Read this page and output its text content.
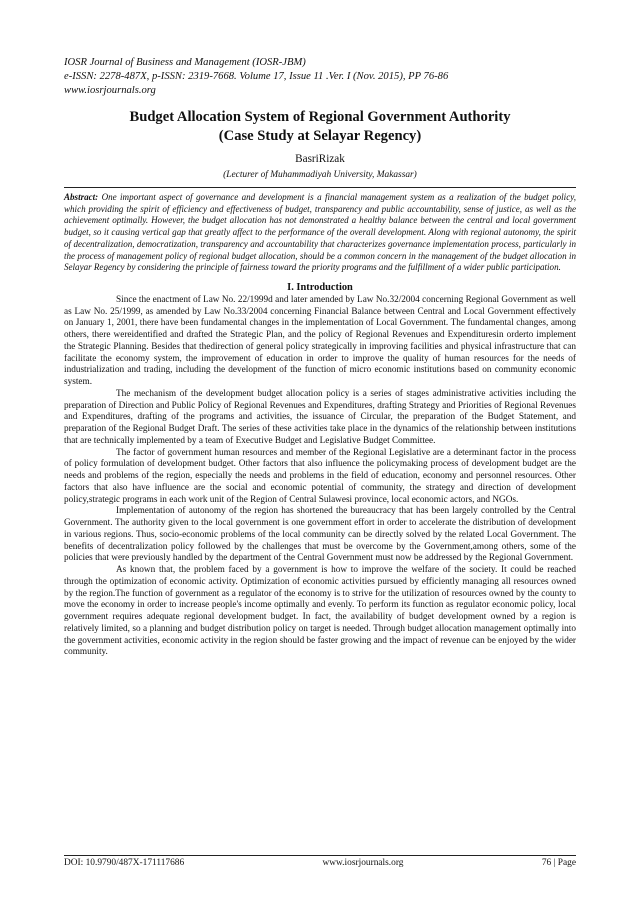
IOSR Journal of Business and Management (IOSR-JBM)
e-ISSN: 2278-487X, p-ISSN: 2319-7668. Volume 17, Issue 11 .Ver. I (Nov. 2015), PP 76-86
www.iosrjournals.org
Budget Allocation System of Regional Government Authority
(Case Study at Selayar Regency)
BasriRizak
(Lecturer of Muhammadiyah University, Makassar)
Abstract: One important aspect of governance and development is a financial management system as a realization of the budget policy, which providing the spirit of efficiency and effectiveness of budget, transparency and public accountability, sense of justice, as well as the achievement optimally. However, the budget allocation has not demonstrated a healthy balance between the central and local government budget, so it causing vertical gap that greatly affect to the performance of the overall development. Along with regional autonomy, the spirit of decentralization, democratization, transparency and accountability that characterizes governance implementation process, particularly in the process of management policy of regional budget allocation, should be a common concern in the management of the budget allocation in Selayar Regency by considering the principle of fairness toward the priority programs and the fulfillment of a wider public participation.
I. Introduction

Since the enactment of Law No. 22/1999d and later amended by Law No.32/2004 concerning Regional Government as well as Law No. 25/1999, as amended by Law No.33/2004 concerning Financial Balance between Central and Local Government effectively on January 1, 2001, there have been fundamental changes in the implementation of Local Government. The fundamental changes, among others, there wereidentified and drafted the Strategic Plan, and the policy of Regional Revenues and Expendituresin orderto implement the Strategic Planning. Besides that thedirection of general policy strategically in improving facilities and physical infrastructure that can facilitate the economy system, the improvement of education in order to improve the quality of human resources for the needs of industrialization and trading, including the development of the function of micro economic institutions based on community economic system.

The mechanism of the development budget allocation policy is a series of stages administrative activities including the preparation of Direction and Public Policy of Regional Revenues and Expenditures, drafting Strategy and Priorities of Regional Revenues and Expenditures, drafting of the programs and activities, the issuance of Circular, the preparation of the Budget Statement, and preparation of the Regional Budget Draft. The series of these activities take place in the dynamics of the relationship between institutions that are technically implemented by a team of Executive Budget and Legislative Budget Committee.

The factor of government human resources and member of the Regional Legislative are a determinant factor in the process of policy formulation of development budget. Other factors that also influence the policymaking process of development budget are the needs and problems of the region, especially the needs and problems in the field of education, economy and personnel resources. Other factors that also have influence are the social and economic potential of community, the strategy and direction of development policy,strategic programs in each work unit of the Region of Central Sulawesi province, local economic actors, and NGOs.

Implementation of autonomy of the region has shortened the bureaucracy that has been largely controlled by the Central Government. The authority given to the local government is one government effort in order to accelerate the distribution of development in various regions. Thus, socio-economic problems of the local community can be directly solved by the related Local Government. The benefits of decentralization policy followed by the challenges that must be overcome by the Government,among others, some of the policies that were previously handled by the department of the Central Government must now be addressed by the Regional Government.

As known that, the problem faced by a government is how to improve the welfare of the society. It could be reached through the optimization of economic activity. Optimization of economic activities pursued by efficiently managing all resources owned by the region.The function of government as a regulator of the economy is to strive for the utilization of resources owned by the county to move the economy in order to increase people's income optimally and evenly. To perform its function as regulator economic policy, local government requires adequate regional development budget. In fact, the availability of budget development owned by a region is relatively limited, so a planning and budget distribution policy on target is needed. Through budget allocation management optimally into the government activities, economic activity in the region should be faster growing and the impact of revenue can be enjoyed by the wider community.

DOI: 10.9790/487X-171117686	www.iosrjournals.org	76 | Page
